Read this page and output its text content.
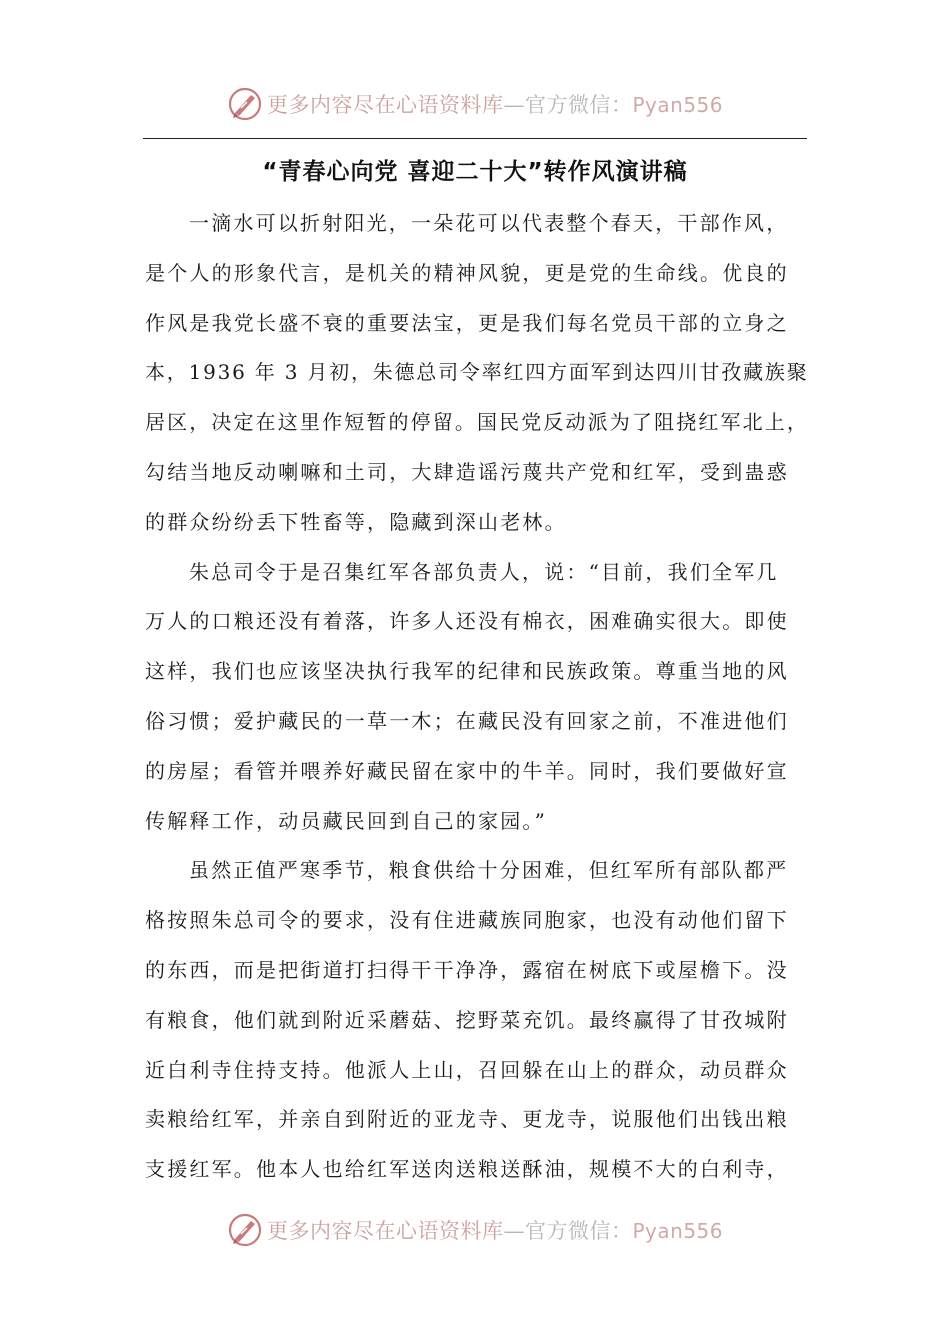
更多内容尽在心语资料库—官方微信：Pyan556
“青春心向党 喜迎二十大”转作风演讲稿
一滴水可以折射阳光，一朵花可以代表整个春天，干部作风，
是个人的形象代言，是机关的精神风貌，更是党的生命线。优良的
作风是我党长盛不衰的重要法宝，更是我们每名党员干部的立身之
本，1936 年 3 月初，朱德总司令率红四方面军到达四川甘孜藏族聚
居区，决定在这里作短暂的停留。国民党反动派为了阻挠红军北上，
勾结当地反动喇嘛和土司，大肆造谣污蔑共产党和红军，受到蛊惑
的群众纷纷丢下牲畜等，隐藏到深山老林。
朱总司令于是召集红军各部负责人，说：“目前，我们全军几
万人的口粮还没有着落，许多人还没有棉衣，困难确实很大。即使
这样，我们也应该坚决执行我军的纪律和民族政策。尊重当地的风
俗习惯；爱护藏民的一草一木；在藏民没有回家之前，不准进他们
的房屋；看管并喂养好藏民留在家中的牛羊。同时，我们要做好宣
传解释工作，动员藏民回到自己的家园。”
虽然正值严寒季节，粮食供给十分困难，但红军所有部队都严
格按照朱总司令的要求，没有住进藏族同胞家，也没有动他们留下
的东西，而是把街道打扫得干干净净，露宿在树底下或屋檐下。没
有粮食，他们就到附近采蘑菇、挖野菜充饥。最终赢得了甘孜城附
近白利寺住持支持。他派人上山，召回躲在山上的群众，动员群众
卖粮给红军，并亲自到附近的亚龙寺、更龙寺，说服他们出钱出粮
支援红军。他本人也给红军送肉送粮送酥油，规模不大的白利寺，
更多内容尽在心语资料库—官方微信：Pyan556
